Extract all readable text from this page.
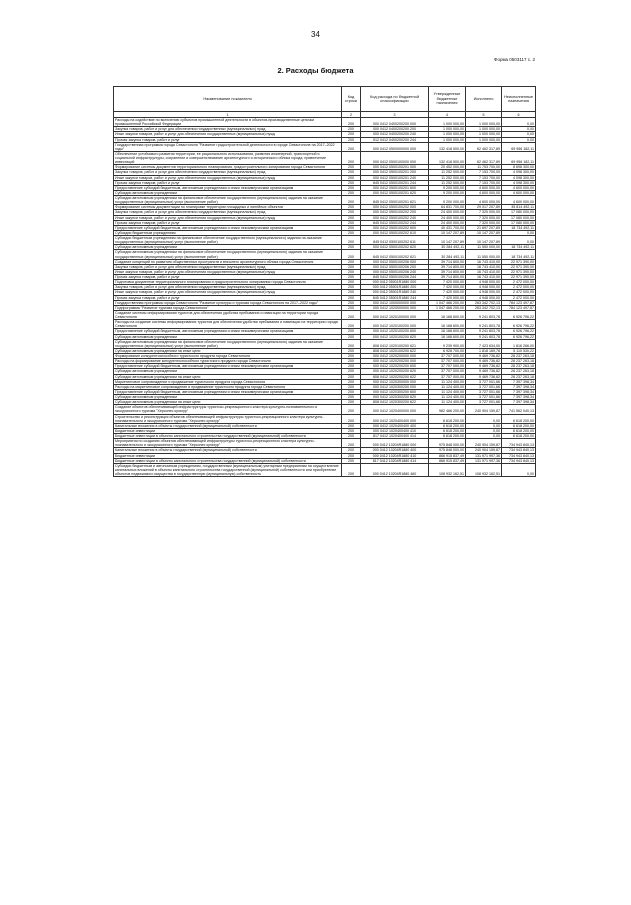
34
Форма 0503117 с. 2
2. Расходы бюджета
Наименование показателя	Код строки	Код расхода по бюджетной классификации	Утвержденные бюджетные назначения	Исполнено	Неисполненные назначения
1	2	3	4	5	6
Расходы на содействие по включению субъектов промышленной деятельности в обьектов-производственные цепочки промышленной Российской Федерации	200	000 0412 0400200200 000	1 000 000,00	1 000 000,00	0,00
Закупка товаров, работ и услуг для обеспечения государственных (муниципальных) нужд	200	000 0412 0400200200 200	1 000 000,00	1 000 000,00	0,00
Иные закупки товаров, работ и услуг для обеспечения государственных (муниципальных) нужд	200	000 0412 0400200200 240	1 000 000,00	1 000 000,00	0,00
Прочая закупка товаров, работ и услуг	200	512 0412 0400200200 244	1 000 000,00	1 000 000,00	0,00
Государственная программа города Севастополя "Развитие градостроительной деятельности в городе Севастополе на 2017–2022 годы"	200	000 0412 0500000000 000	132 418 500,00	62 462 317,89	69 956 182,11
Обеспечение устойчивого развития территории, ее рационального использования, развития инженерной, транспортной и социальной инфраструктуры, сохранение и совершенствование архитектурного и исторического облика города, привлечение инвестиций	200	000 0412 0500100000 000	132 418 500,00	62 462 317,89	69 956 182,11
Формирование системы документов территориального планирования, градостроительного зонирования города Севастополя	200	000 0412 0500100201 000	20 452 000,00	11 753 700,00	8 698 300,00
Закупка товаров, работ и услуг для обеспечения государственных (муниципальных) нужд	200	000 0412 0500100201 200	11 252 000,00	7 153 700,00	4 098 300,00
Иные закупки товаров, работ и услуг для обеспечения государственных (муниципальных) нужд	200	000 0412 0500100201 240	11 252 000,00	7 153 700,00	4 098 300,00
Прочая закупка товаров, работ и услуг	200	845 0412 0500100201 244	11 252 000,00	7 153 700,00	4 098 300,00
Предоставление субсидий бюджетным, автономным учреждениям и иным некоммерческим организациям	200	000 0412 0500100201 600	9 200 000,00	4 600 000,00	4 600 000,00
Субсидии автономным учреждениям	200	000 0412 0500100201 620	9 200 000,00	4 600 000,00	4 600 000,00
Субсидии автономным учреждениям на финансовое обеспечение государственного (муниципального) задания на оказание государственных (муниципальных) услуг (выполнение работ)	200	845 0412 0500100201 621	9 200 000,00	4 600 000,00	4 600 000,00
Формирование системы документации по планировке территории площадных и линейных объектов	200	000 0412 0500100202 000	64 831 700,00	29 017 207,89	35 814 492,11
Закупка товаров, работ и услуг для обеспечения государственных (муниципальных) нужд	200	000 0412 0500100202 200	24 400 000,00	7 320 000,00	17 080 000,00
Иные закупки товаров, работ и услуг для обеспечения государственных (муниципальных) нужд	200	000 0412 0500100202 240	24 400 000,00	7 320 000,00	17 080 000,00
Прочая закупка товаров, работ и услуг	200	845 0412 0500100202 244	24 400 000,00	7 320 000,00	17 080 000,00
Предоставление субсидий бюджетным, автономным учреждениям и иным некоммерческим организациям	200	000 0412 0500100202 600	40 431 700,00	21 697 207,89	18 734 492,11
Субсидии бюджетным учреждениям	200	000 0412 0500100202 610	10 147 207,89	10 147 207,89	0,00
Субсидии бюджетным учреждениям на финансовое обеспечение государственного (муниципального) задания на оказание государственных (муниципальных) услуг (выполнение работ)	200	845 0412 0500100202 611	10 147 207,89	10 147 207,89	0,00
Субсидии автономным учреждениям	200	000 0412 0500100202 620	30 284 492,11	11 550 000,00	18 734 492,11
Субсидии автономным учреждениям на финансовое обеспечение государственного (муниципального) задания на оказание государственных (муниципальных) услуг (выполнение работ)	200	845 0412 0500100202 621	30 284 492,11	11 550 000,00	18 734 492,11
Создание концепций по развитию общественных пространств и внешнего архитектурного облика города Севастополя	200	000 0412 0500100206 000	39 714 800,00	16 743 410,00	22 971 390,00
Закупка товаров, работ и услуг для обеспечения государственных (муниципальных) нужд	200	000 0412 0500100206 200	39 714 800,00	16 743 410,00	22 971 390,00
Иные закупки товаров, работ и услуг для обеспечения государственных (муниципальных) нужд	200	000 0412 0500100206 240	39 714 800,00	16 743 410,00	22 971 390,00
Прочая закупка товаров, работ и услуг	200	845 0412 0500100206 244	39 714 800,00	16 743 410,00	22 971 390,00
Подготовка документов территориального планирования и градостроительного зонирования города Севастополя	200	000 0412 05001R1880 000	7 420 000,00	4 948 000,00	2 472 000,00
Закупка товаров, работ и услуг для обеспечения государственных (муниципальных) нужд	200	000 0412 05001R1880 200	7 420 000,00	4 948 000,00	2 472 000,00
Иные закупки товаров, работ и услуг для обеспечения государственных (муниципальных) нужд	200	000 0412 05001R1880 240	7 420 000,00	4 948 000,00	2 472 000,00
Прочая закупка товаров, работ и услуг	200	845 0412 05001R1880 244	7 420 000,00	4 948 000,00	2 472 000,00
Государственная программа города Севастополя "Развитие культуры и туризма города Севастополя на 2017–2022 годы"	200	000 0412 1000000000 000	1 047 466 200,00	263 342 702,13	784 123 497,87
Подпрограмма "Развитие туризма города Севастополя"	200	000 0412 1020000000 000	1 047 466 200,00	263 342 702,13	784 123 497,87
Создание системы информирования туристов для обеспечения удобства пребывания и навигации на территории города Севастополя	200	000 0412 1020100000 000	16 168 600,00	9 241 803,78	6 926 796,22
Расходы на создание системы информирования туристов для обеспечения удобства пребывания и навигации на территории города Севастополя	200	000 0412 1020100200 000	16 168 600,00	9 241 803,78	6 926 796,22
Предоставление субсидий бюджетным, автономным учреждениям и иным некоммерческим организациям	200	000 0412 1020100200 600	16 168 600,00	9 241 803,78	6 926 796,22
Субсидии автономным учреждениям	200	000 0412 1020100200 620	16 168 600,00	9 241 803,78	6 926 796,22
Субсидии автономным учреждениям на финансовое обеспечение государственного (муниципального) задания на оказание государственных (муниципальных) услуг (выполнение работ)	200	808 0412 1020100200 621	9 239 900,00	7 423 634,00	1 816 266,00
Субсидии автономным учреждениям на иные цели	200	808 0412 1020100200 622	6 928 700,00	1 818 169,78	5 110 530,22
Формирование конкурентоспособного туристского продукта города Севастополя	200	000 0412 1020200000 000	37 707 000,00	9 469 736,82	28 237 263,18
Расходы на формирование конкурентоспособного туристского продукта города Севастополя	200	000 0412 1020200200 000	37 707 000,00	9 469 736,82	28 237 263,18
Предоставление субсидий бюджетным, автономным учреждениям и иным некоммерческим организациям	200	000 0412 1020200200 600	37 707 000,00	9 469 736,82	28 237 263,18
Субсидии автономным учреждениям	200	000 0412 1020200200 620	37 707 000,00	9 469 736,82	28 237 263,18
Субсидии автономным учреждениям на иные цели	200	808 0412 1020200200 622	37 707 000,00	9 469 736,82	28 237 263,18
Маркетинговое сопровождение и продвижение туристского продукта города Севастополя	200	000 0412 1020300000 000	11 124 400,00	3 727 001,66	7 397 398,34
Расходы на маркетинговое сопровождение и продвижение туристского продукта города Севастополя	200	000 0412 1020300200 000	11 124 400,00	3 727 001,66	7 397 398,34
Предоставление субсидий бюджетным, автономным учреждениям и иным некоммерческим организациям	200	000 0412 1020300200 600	11 124 400,00	3 727 001,66	7 397 398,34
Субсидии автономным учреждениям	200	000 0412 1020300200 620	11 124 400,00	3 727 001,66	7 397 398,34
Субсидии автономным учреждениям на иные цели	200	808 0412 1020300200 622	11 124 400,00	3 727 001,66	7 397 398,34
Создание объектов обеспечивающей инфраструктуры туристско-рекреационного кластера культурно-познавательного и экскурсионного туризма "Херсонес культур"	200	000 0412 1020400000 000	982 466 200,00	240 904 159,87	741 562 040,13
Строительство и реконструкция объектов обеспечивающей инфраструктуры туристско-рекреационного кластера культурно-познавательного и экскурсионного туризма "Херсонес культур"	200	000 0412 1020400400 000	6 618 200,00	0,00	6 618 200,00
Капитальные вложения в объекты государственной (муниципальной) собственности	200	000 0412 1020400400 400	6 618 200,00	0,00	6 618 200,00
Бюджетные инвестиции	200	000 0412 1020400400 410	6 618 200,00	0,00	6 618 200,00
Бюджетные инвестиции в объекты капитального строительства государственной (муниципальной) собственности	200	817 0412 1020400400 414	6 618 200,00	0,00	6 618 200,00
Мероприятия по созданию объектов обеспечивающей инфраструктуры туристско-рекреационного кластера культурно-познавательного и экскурсионного туризма "Херсонес культур"	200	000 0412 10204R1880 000	975 848 000,00	240 904 159,87	734 943 840,13
Капитальные вложения в объекты государственной (муниципальной) собственности	200	000 0412 10204R1880 400	975 848 000,00	240 904 159,87	734 943 840,13
Бюджетные инвестиции	200	000 0412 10204R1880 410	866 915 837,49	131 971 997,36	734 943 840,13
Бюджетные инвестиции в объекты капитального строительства государственной (муниципальной) собственности	200	817 0412 10204R1880 414	866 915 837,49	131 971 997,36	734 943 840,13
Субсидии бюджетным и автономным учреждениям, государственным (муниципальным) унитарным предприятиям на осуществление капитальных вложений в объекты капитального строительства государственной (муниципальной) собственности или приобретение объектов недвижимого имущества в государственную (муниципальную) собственность	200	000 0412 10204R1880 460	108 932 162,51	108 932 162,51	0,00
